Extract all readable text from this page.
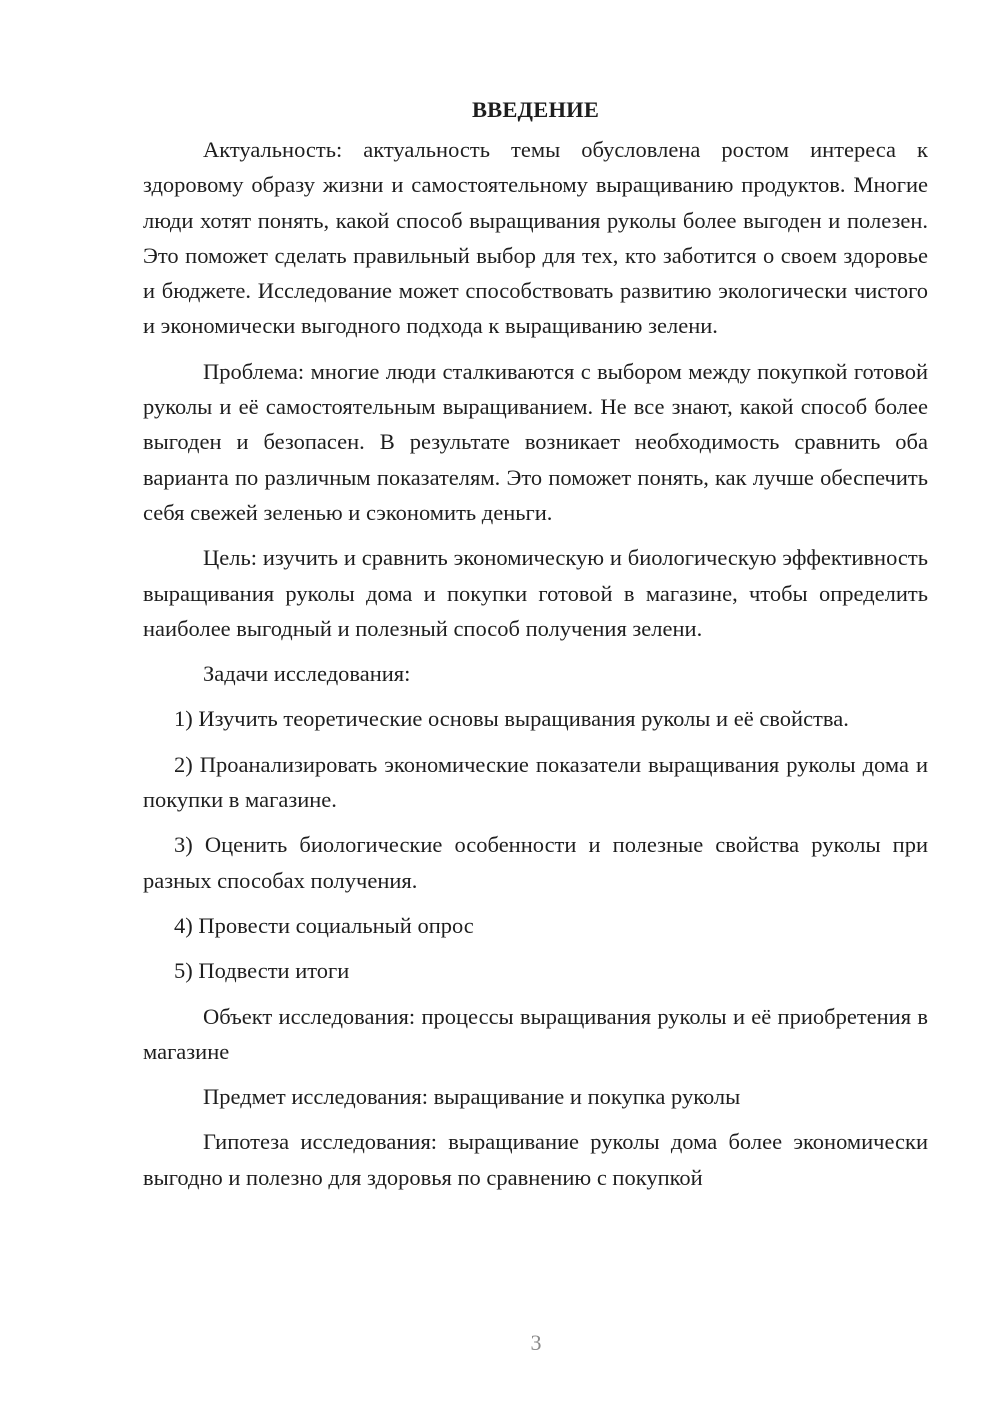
ВВЕДЕНИЕ

Актуальность: актуальность темы обусловлена ростом интереса к здоровому образу жизни и самостоятельному выращиванию продуктов. Многие люди хотят понять, какой способ выращивания руколы более выгоден и полезен. Это поможет сделать правильный выбор для тех, кто заботится о своем здоровье и бюджете. Исследование может способствовать развитию экологически чистого и экономически выгодного подхода к выращиванию зелени.

Проблема: многие люди сталкиваются с выбором между покупкой готовой руколы и её самостоятельным выращиванием. Не все знают, какой способ более выгоден и безопасен. В результате возникает необходимость сравнить оба варианта по различным показателям. Это поможет понять, как лучше обеспечить себя свежей зеленью и сэкономить деньги.

Цель: изучить и сравнить экономическую и биологическую эффективность выращивания руколы дома и покупки готовой в магазине, чтобы определить наиболее выгодный и полезный способ получения зелени.

Задачи исследования:

1) Изучить теоретические основы выращивания руколы и её свойства.

2) Проанализировать экономические показатели выращивания руколы дома и покупки в магазине.

3) Оценить биологические особенности и полезные свойства руколы при разных способах получения.

4) Провести социальный опрос

5) Подвести итоги

Объект исследования: процессы выращивания руколы и её приобретения в магазине

Предмет исследования: выращивание и покупка руколы

Гипотеза исследования: выращивание руколы дома более экономически выгодно и полезно для здоровья по сравнению с покупкой

3
